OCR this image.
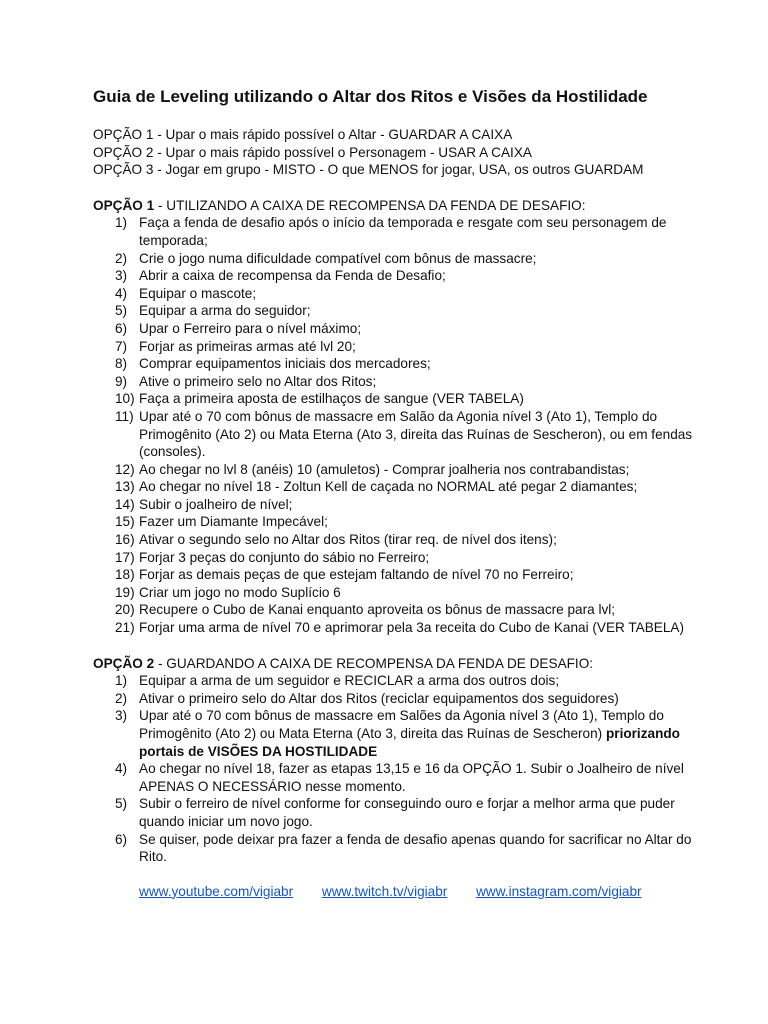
Guia de Leveling utilizando o Altar dos Ritos e Visões da Hostilidade

OPÇÃO 1 - Upar o mais rápido possível o Altar - GUARDAR A CAIXA

OPÇÃO 2 - Upar o mais rápido possível o Personagem - USAR A CAIXA

OPÇÃO 3 - Jogar em grupo - MISTO - O que MENOS for jogar, USA, os outros GUARDAM

OPÇÃO 1 - UTILIZANDO A CAIXA DE RECOMPENSA DA FENDA DE DESAFIO:

1) Faça a fenda de desafio após o início da temporada e resgate com seu personagem de temporada;
2) Crie o jogo numa dificuldade compatível com bônus de massacre;
3) Abrir a caixa de recompensa da Fenda de Desafio;
4) Equipar o mascote;
5) Equipar a arma do seguidor;
6) Upar o Ferreiro para o nível máximo;
7) Forjar as primeiras armas até lvl 20;
8) Comprar equipamentos iniciais dos mercadores;
9) Ative o primeiro selo no Altar dos Ritos;
10) Faça a primeira aposta de estilhaços de sangue (VER TABELA)
11) Upar até o 70 com bônus de massacre em Salão da Agonia nível 3 (Ato 1), Templo do Primogênito (Ato 2) ou Mata Eterna (Ato 3, direita das Ruínas de Sescheron), ou em fendas (consoles).
12) Ao chegar no lvl 8 (anéis) 10 (amuletos) - Comprar joalheria nos contrabandistas;
13) Ao chegar no nível 18 - Zoltun Kell de caçada no NORMAL até pegar 2 diamantes;
14) Subir o joalheiro de nível;
15) Fazer um Diamante Impecável;
16) Ativar o segundo selo no Altar dos Ritos (tirar req. de nível dos itens);
17) Forjar 3 peças do conjunto do sábio no Ferreiro;
18) Forjar as demais peças de que estejam faltando de nível 70 no Ferreiro;
19) Criar um jogo no modo Suplício 6
20) Recupere o Cubo de Kanai enquanto aproveita os bônus de massacre para lvl;
21) Forjar uma arma de nível 70 e aprimorar pela 3a receita do Cubo de Kanai (VER TABELA)

OPÇÃO 2 - GUARDANDO A CAIXA DE RECOMPENSA DA FENDA DE DESAFIO:

1) Equipar a arma de um seguidor e RECICLAR a arma dos outros dois;
2) Ativar o primeiro selo do Altar dos Ritos (reciclar equipamentos dos seguidores)
3) Upar até o 70 com bônus de massacre em Salões da Agonia nível 3 (Ato 1), Templo do Primogênito (Ato 2) ou Mata Eterna (Ato 3, direita das Ruínas de Sescheron) priorizando portais de VISÕES DA HOSTILIDADE
4) Ao chegar no nível 18, fazer as etapas 13,15 e 16 da OPÇÃO 1. Subir o Joalheiro de nível APENAS O NECESSÁRIO nesse momento.
5) Subir o ferreiro de nível conforme for conseguindo ouro e forjar a melhor arma que puder quando iniciar um novo jogo.
6) Se quiser, pode deixar pra fazer a fenda de desafio apenas quando for sacrificar no Altar do Rito.
www.youtube.com/vigiabr www.twitch.tv/vigiabr www.instagram.com/vigiabr
